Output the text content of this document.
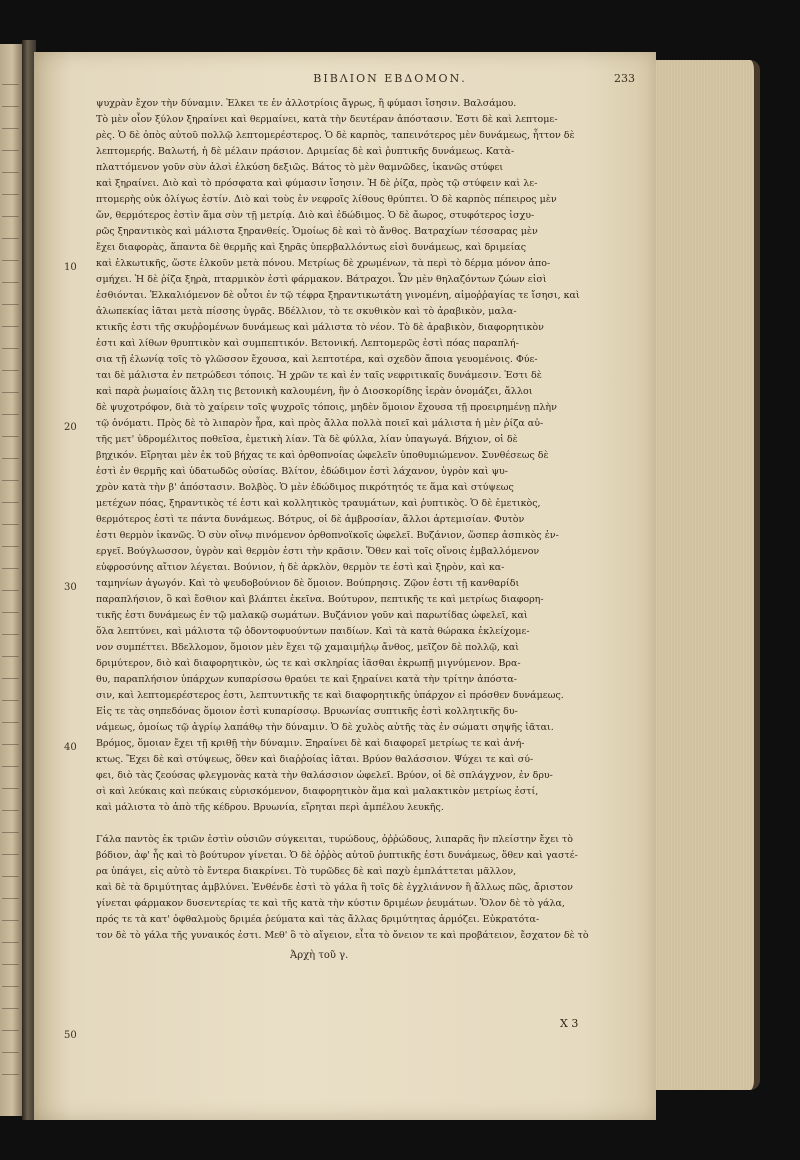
ΒΙΒΛΙΟΝ ΕΒΔΟΜΟΝ.	233
10
20
30
40
50
ψυχρὰν ἔχον τὴν δύναμιν. Ἐλκει τε ἐν ἀλλοτρίοις ἄγρως, ἢ φύμασι ἴσησιν. Βαλσάμου.
Τὸ μὲν οἷον ξύλον ξηραίνει καὶ θερμαίνει, κατὰ τὴν δευτέραν ἀπόστασιν. Ἐστι δὲ καὶ λεπτομε-
ρὲς. Ὁ δὲ ὀπὸς αὐτοῦ πολλῷ λεπτομερέστερος. Ὁ δὲ καρπὸς, ταπεινότερος μὲν δυνάμεως, ἧττον δὲ
λεπτομερής. Βαλωτή, ἡ δὲ μέλαιν πράσιον. Δριμείας δὲ καὶ ῥυπτικῆς δυνάμεως. Κατὰ-
πλαττόμενον γοῦν σὺν ἁλσὶ ἐλκύση δεξιῶς. Βάτος τὸ μὲν θαμνῶδες, ἱκανῶς στύφει
καὶ ξηραίνει. Διὸ καὶ τὸ πρόσφατα καὶ φύμασιν ἴσησιν. Ἡ δὲ ῥίζα, πρὸς τῷ στύφειν καὶ λε-
πτομερὴς οὐκ ὀλίγως ἐστίν. Διὸ καὶ τοὺς ἐν νεφροῖς λίθους θρύπτει. Ὁ δὲ καρπὸς πέπειρος μὲν
ὤν, θερμότερος ἐστὶν ἅμα σὺν τῇ μετρίᾳ. Διὸ καὶ ἐδώδιμος. Ὁ δὲ ἄωρος, στυφότερος ἰσχυ-
ρῶς ξηραντικὸς καὶ μάλιστα ξηρανθείς. Ὁμοίως δὲ καὶ τὸ ἄνθος. Βατραχίων τέσσαρας μὲν
ἔχει διαφορὰς, ἅπαντα δὲ θερμῆς καὶ ξηρᾶς ὑπερβαλλόντως εἰσὶ δυνάμεως, καὶ δριμείας
καὶ ἑλκωτικῆς, ὥστε ἑλκοῦν μετὰ πόνου. Μετρίως δὲ χρωμένων, τὰ περὶ τὸ δέρμα μόνον ἀπο-
σμήχει. Ἡ δὲ ῥίζα ξηρὰ, πταρμικὸν ἐστὶ φάρμακον. Βάτραχοι. Ὧν μὲν θηλαζόντων ζώων εἰσὶ
ἐσθιόνται. Ἑλκαλιόμενον δὲ οὗτοι ἐν τῷ τέφρα ξηραντικωτάτη γινομένη, αἱμοῤῥαγίας τε ἴσησι, καὶ
ἀλωπεκίας ἰᾶται μετὰ πίσσης ὑγρᾶς. Βδέλλιον, τὸ τε σκυθικὸν καὶ τὸ ἀραβικὸν, μαλα-
κτικῆς ἐστι τῆς σκυῤῥομένων δυνάμεως καὶ μάλιστα τὸ νέον. Τὸ δὲ ἀραβικὸν, διαφορητικὸν
ἐστι καὶ λίθων θρυπτικὸν καὶ συμπεπτικόν. Βετονική. Λεπτομερῶς ἐστὶ πόας παραπλή-
σια τῇ ἐλωνίᾳ τοῖς τὸ γλῶσσον ἔχουσα, καὶ λεπτοτέρα, καὶ σχεδὸν ἄποια γευομένοις. Φύε-
ται δὲ μάλιστα ἐν πετρώδεσι τόποις. Ἡ χρῶν τε καὶ ἐν ταῖς νεφριτικαῖς δυνάμεσιν. Ἐστι δὲ
καὶ παρὰ ῥωμαίοις ἄλλη τις βετονικὴ καλουμένη, ἣν ὁ Διοσκορίδης ἱερὰν ὀνομάζει, ἄλλοι
δὲ ψυχοτρόφον, διὰ τὸ χαίρειν τοῖς ψυχροῖς τόποις, μηδὲν ὅμοιον ἔχουσα τῇ προειρημένῃ πλὴν
τῷ ὀνόματι. Πρὸς δὲ τὸ λιπαρὸν ἦρα, καὶ πρὸς ἄλλα πολλὰ ποιεῖ καὶ μάλιστα ἡ μὲν ῥίζα αὐ-
τῆς μετ' ὑδρομέλιτος ποθεῖσα, ἐμετικὴ λίαν. Τὰ δὲ φύλλα, λίαν ὑπαγωγά. Βήχιον, οἱ δὲ
βηχικόν. Εἴρηται μὲν ἐκ τοῦ βήχας τε καὶ ὀρθοπνοίας ὠφελεῖν ὑποθυμιώμενον. Συνθέσεως δὲ
ἐστὶ ἐν θερμῆς καὶ ὑδατωδῶς οὐσίας. Βλίτον, ἐδώδιμον ἐστὶ λάχανον, ὑγρὸν καὶ ψυ-
χρὸν κατὰ τὴν β' ἀπόστασιν. Βολβὸς. Ὁ μὲν ἐδώδιμος πικρότητός τε ἅμα καὶ στύψεως
μετέχων πόας, ξηραντικὸς τέ ἐστι καὶ κολλητικὸς τραυμάτων, καὶ ῥυπτικὸς. Ὁ δὲ ἐμετικὸς,
θερμότερος ἐστὶ τε πάντα δυνάμεως. Βότρυς, οἱ δὲ ἀμβροσίαν, ἄλλοι ἀρτεμισίαν. Φυτὸν
ἐστι θερμὸν ἱκανῶς. Ὁ σὺν οἴνῳ πινόμενον ὀρθοπνοϊκοῖς ὠφελεῖ. Βυζάνιον, ὥσπερ ἀσπικὸς ἐν-
εργεῖ. Βούγλωσσον, ὑγρὸν καὶ θερμὸν ἐστι τὴν κρᾶσιν. Ὅθεν καὶ τοῖς οἴνοις ἐμβαλλόμενον
εὐφροσύνης αἴτιον λέγεται. Βούνιον, ἡ δὲ ἀρκλὸν, θερμὸν τε ἐστὶ καὶ ξηρὸν, καὶ κα-
ταμηνίων ἀγωγόν. Καὶ τὸ ψευδοβούνιον δὲ ὅμοιον. Βούπρησις. Ζῷον ἐστι τῇ κανθαρίδι
παραπλήσιον, ὃ καὶ ἔσθιον καὶ βλάπτει ἐκεῖνα. Βούτυρον, πεπτικῆς τε καὶ μετρίως διαφορη-
τικῆς ἐστι δυνάμεως ἐν τῷ μαλακῷ σωμάτων. Βυζάνιον γοῦν καὶ παρωτίδας ὠφελεῖ, καὶ
ὅλα λεπτύνει, καὶ μάλιστα τῷ ὀδοντοφυούντων παιδίων. Καὶ τὰ κατὰ θώρακα ἐκλείχομε-
νον συμπέττει. Βδελλομον, ὅμοιον μὲν ἔχει τῷ χαμαιμήλῳ ἄνθος, μεῖζον δὲ πολλῷ, καὶ
δριμύτερον, διὸ καὶ διαφορητικὸν, ὡς τε καὶ σκληρίας ἰᾶσθαι ἐκρωπῇ μιγνύμενον. Βρα-
θυ, παραπλήσιον ὑπάρχων κυπαρίσσω θραύει τε καὶ ξηραίνει κατὰ τὴν τρίτην ἀπόστα-
σιν, καὶ λεπτομερέστερος ἐστι, λεπτυντικῆς τε καὶ διαφορητικῆς ὑπάρχον εἰ πρόσθεν δυνάμεως.
Εἰς τε τὰς σηπεδόνας ὅμοιον ἐστὶ κυπαρίσσῳ. Βρυωνίας συπτικῆς ἐστὶ κολλητικῆς δυ-
νάμεως, ὁμοίως τῷ ἀγρίῳ λαπάθῳ τὴν δύναμιν. Ὁ δὲ χυλὸς αὐτῆς τὰς ἐν σώματι σηψῆς ἰᾶται.
Βρόμος, ὅμοιαν ἔχει τῇ κριθῇ τὴν δύναμιν. Ξηραίνει δὲ καὶ διαφορεῖ μετρίως τε καὶ ἀνή-
κτως. Ἔχει δὲ καὶ στύψεως, ὅθεν καὶ διαῤῥοίας ἰᾶται. Βρύον θαλάσσιον. Ψύχει τε καὶ σύ-
φει, διὸ τὰς ζεούσας φλεγμονὰς κατὰ τὴν θαλάσσιον ὠφελεῖ. Βρύον, οἱ δὲ σπλάγχνον, ἐν δρυ-
σὶ καὶ λεύκαις καὶ πεύκαις εὑρισκόμενον, διαφορητικὸν ἅμα καὶ μαλακτικὸν μετρίως ἐστί,
καὶ μάλιστα τὸ ἀπὸ τῆς κέδρου. Βρυωνία, εἴρηται περὶ ἀμπέλου λευκῆς.
Γάλα παντὸς ἐκ τριῶν ἐστὶν οὐσιῶν σύγκειται, τυρώδους, ὀῤῥώδους, λιπαρᾶς ἣν πλείστην ἔχει τὸ
βόδιον, ἀφ' ἧς καὶ τὸ βούτυρον γίνεται. Ὁ δὲ ὀῤῥὸς αὐτοῦ ῥυπτικῆς ἐστι δυνάμεως, ὅθεν καὶ γαστέ-
ρα ὑπάγει, εἰς αὐτὸ τὸ ἔντερα διακρίνει. Τὸ τυρῶδες δὲ καὶ παχὺ ἐμπλάττεται μᾶλλον,
καὶ δὲ τὰ δριμύτητας ἀμβλύνει. Ἐνθένδε ἐστὶ τὸ γάλα ἢ τοῖς δὲ ἐγχλιάννον ἢ ἄλλως πῶς, ἄριστον
γίνεται φάρμακον δυσεντερίας τε καὶ τῆς κατὰ τὴν κύστιν δριμέων ῥευμάτων. Ὅλον δὲ τὸ γάλα,
πρός τε τὰ κατ' ὀφθαλμοὺς δριμέα ῥεύματα καὶ τὰς ἄλλας δριμύτητας ἁρμόζει. Εὐκρατότα-
τον δὲ τὸ γάλα τῆς γυναικός ἐστι. Μεθ' ὃ τὸ αἴγειον, εἶτα τὸ ὄνειον τε καὶ προβάτειον, ἔσχατον δὲ τὸ
Ἀρχὴ τοῦ γ.
X 3
